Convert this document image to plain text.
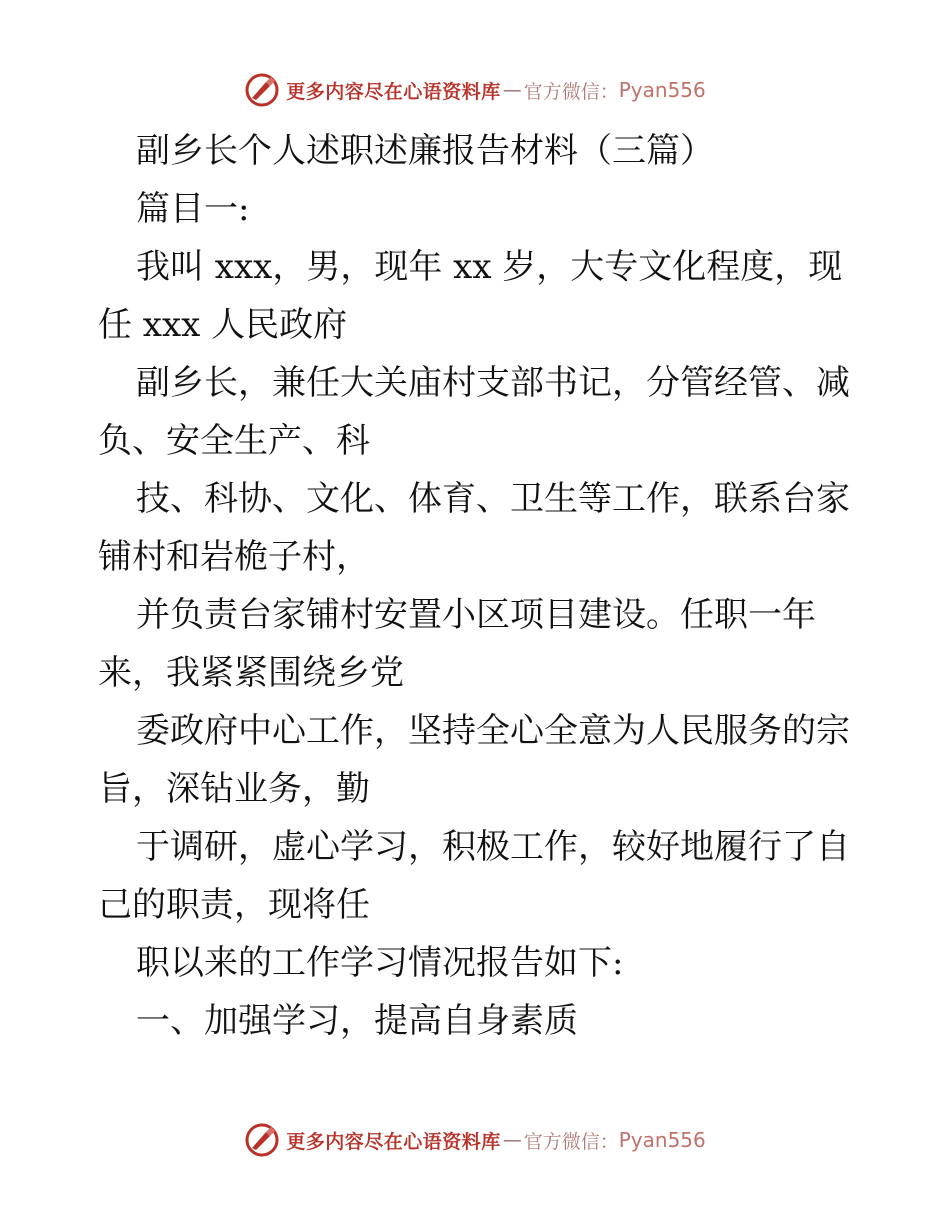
更多内容尽在心语资料库 — 官方微信： Pyan556

副乡长个人述职述廉报告材料（三篇）

篇目一:

我叫 xxx，男，现年 xx 岁，大专文化程度，现

任 xxx 人民政府

副乡长，兼任大关庙村支部书记，分管经管、减

负、安全生产、科

技、科协、文化、体育、卫生等工作，联系台家

铺村和岩桅子村，

并负责台家铺村安置小区项目建设。任职一年

来，我紧紧围绕乡党

委政府中心工作，坚持全心全意为人民服务的宗

旨，深钻业务，勤

于调研，虚心学习，积极工作，较好地履行了自

己的职责，现将任

职以来的工作学习情况报告如下:

一、加强学习，提高自身素质

更多内容尽在心语资料库 — 官方微信： Pyan556
